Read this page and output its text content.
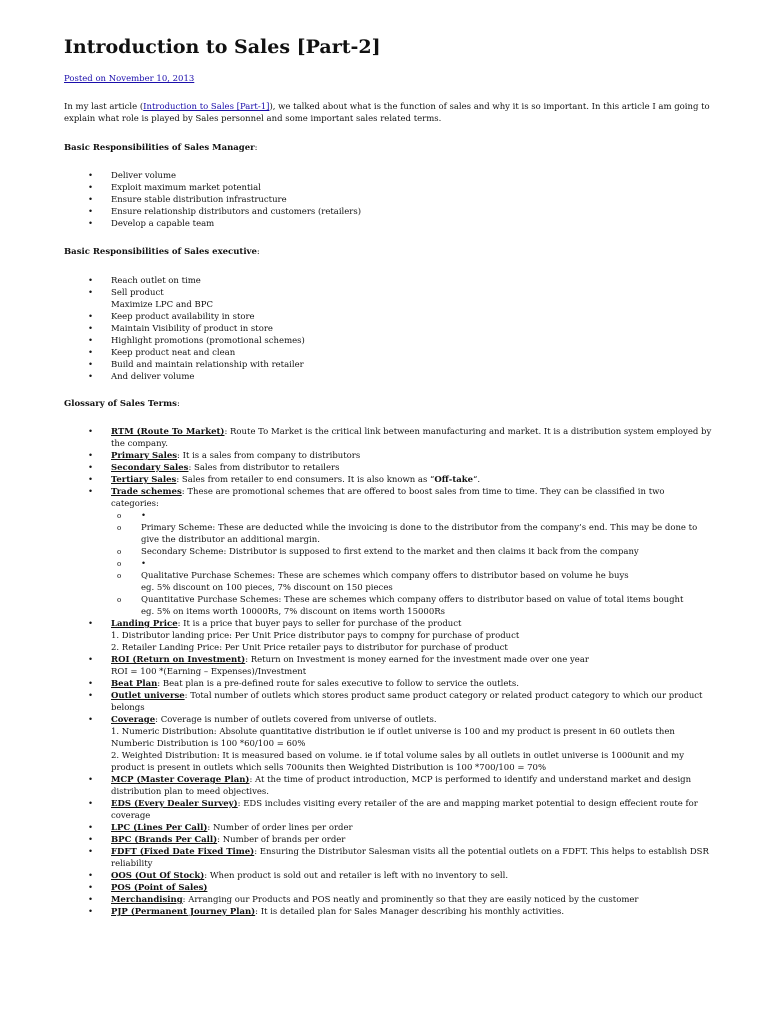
Introduction to Sales [Part-2]
Posted on November 10, 2013
In my last article (Introduction to Sales [Part-1]), we talked about what is the function of sales and why it is so important. In this article I am going to explain what role is played by Sales personnel and some important sales related terms.
Basic Responsibilities of Sales Manager:
• Deliver volume
• Exploit maximum market potential
• Ensure stable distribution infrastructure
• Ensure relationship distributors and customers (retailers)
• Develop a capable team
Basic Responsibilities of Sales executive:
• Reach outlet on time
• Sell product
Maximize LPC and BPC
• Keep product availability in store
• Maintain Visibility of product in store
• Highlight promotions (promotional schemes)
• Keep product neat and clean
• Build and maintain relationship with retailer
• And deliver volume
Glossary of Sales Terms:
• RTM (Route To Market): Route To Market is the critical link between manufacturing and market. It is a distribution system employed by the company.
• Primary Sales: It is a sales from company to distributors
• Secondary Sales: Sales from distributor to retailers
• Tertiary Sales: Sales from retailer to end consumers. It is also known as “Off-take“.
• Trade schemes: These are promotional schemes that are offered to boost sales from time to time. They can be classified in two categories:
o
•
o Primary Scheme: These are deducted while the invoicing is done to the distributor from the company’s end. This may be done to give the distributor an additional margin.
o Secondary Scheme: Distributor is supposed to first extend to the market and then claims it back from the company
o
•
o Qualitative Purchase Schemes: These are schemes which company offers to distributor based on volume he buys
eg. 5% discount on 100 pieces, 7% discount on 150 pieces
o Quantitative Purchase Schemes: These are schemes which company offers to distributor based on value of total items bought
eg. 5% on items worth 10000Rs, 7% discount on items worth 15000Rs
• Landing Price: It is a price that buyer pays to seller for purchase of the product
1. Distributor landing price: Per Unit Price distributor pays to compny for purchase of product
2. Retailer Landing Price: Per Unit Price retailer pays to distributor for purchase of product
• ROI (Return on Investment): Return on Investment is money earned for the investment made over one year
ROI = 100 *(Earning – Expenses)/Investment
• Beat Plan: Beat plan is a pre-defined route for sales executive to follow to service the outlets.
• Outlet universe: Total number of outlets which stores product same product category or related product category to which our product belongs
• Coverage: Coverage is number of outlets covered from universe of outlets.
1. Numeric Distribution: Absolute quantitative distribution ie if outlet universe is 100 and my product is present in 60 outlets then Numberic Distribution is 100 *60/100 = 60%
2. Weighted Distribution: It is measured based on volume. ie if total volume sales by all outlets in outlet universe is 1000unit and my product is present in outlets which sells 700units then Weighted Distribution is 100 *700/100 = 70%
• MCP (Master Coverage Plan): At the time of product introduction, MCP is performed to identify and understand market and design distribution plan to meed objectives.
• EDS (Every Dealer Survey): EDS includes visiting every retailer of the are and mapping market potential to design effecient route for coverage
• LPC (Lines Per Call): Number of order lines per order
• BPC (Brands Per Call): Number of brands per order
• FDFT (Fixed Date Fixed Time): Ensuring the Distributor Salesman visits all the potential outlets on a FDFT. This helps to establish DSR reliability
• OOS (Out Of Stock): When product is sold out and retailer is left with no inventory to sell.
• POS (Point of Sales)
• Merchandising: Arranging our Products and POS neatly and prominently so that they are easily noticed by the customer
• PJP (Permanent Journey Plan): It is detailed plan for Sales Manager describing his monthly activities.
